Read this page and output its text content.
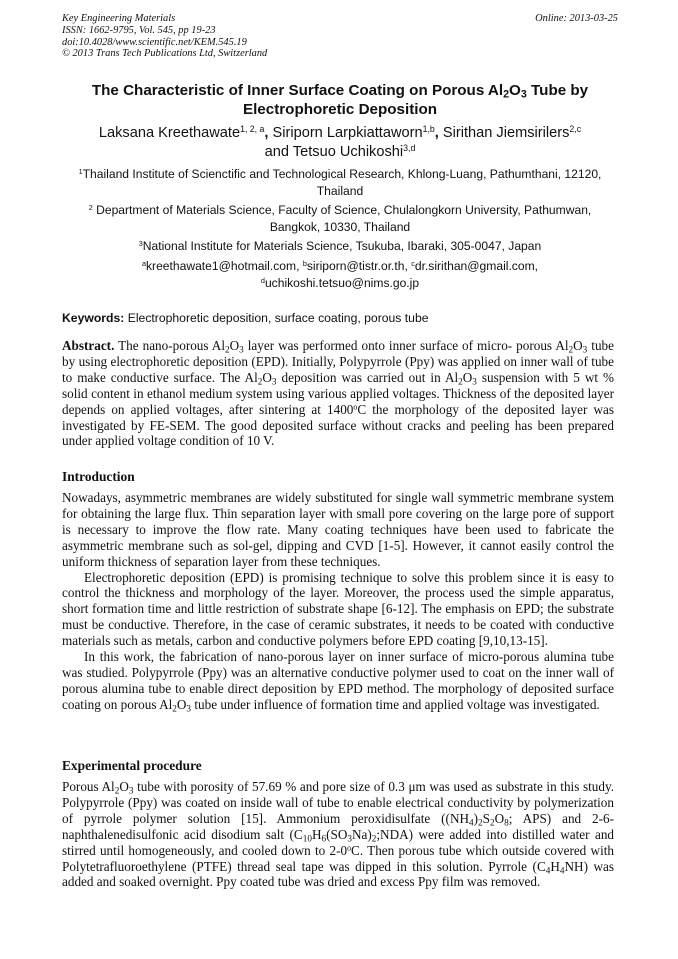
Key Engineering Materials
ISSN: 1662-9795, Vol. 545, pp 19-23
doi:10.4028/www.scientific.net/KEM.545.19
© 2013 Trans Tech Publications Ltd, Switzerland
Online: 2013-03-25
The Characteristic of Inner Surface Coating on Porous $Al_2O_3$ Tube by
Electrophoretic Deposition
Laksana Kreethawate$^{1, 2, a}$, Siriporn Larpkiattaworn$^{1,b}$, Sirithan Jiemsirilers$^{2,c}$
and Tetsuo Uchikoshi$^{3,d}$
$^1$Thailand Institute of Scienctific and Technological Research, Khlong-Luang, Pathumthani, 12120, Thailand
$^2$ Department of Materials Science, Faculty of Science, Chulalongkorn University, Pathumwan, Bangkok, 10330, Thailand
$^3$National Institute for Materials Science, Tsukuba, Ibaraki, 305-0047, Japan
$^a$kreethawate1@hotmail.com, $^b$siriporn@tistr.or.th, $^c$dr.sirithan@gmail.com,
$^d$uchikoshi.tetsuo@nims.go.jp
Keywords: Electrophoretic deposition, surface coating, porous tube
Abstract. The nano-porous $Al_2O_3$ layer was performed onto inner surface of micro- porous $Al_2O_3$ tube by using electrophoretic deposition (EPD). Initially, Polypyrrole (Ppy) was applied on inner wall of tube to make conductive surface. The $Al_2O_3$ deposition was carried out in $Al_2O_3$ suspension with 5 wt % solid content in ethanol medium system using various applied voltages. Thickness of the deposited layer depends on applied voltages, after sintering at 1400$^o$C the morphology of the deposited layer was investigated by FE-SEM. The good deposited surface without cracks and peeling has been prepared under applied voltage condition of 10 V.
Introduction
Nowadays, asymmetric membranes are widely substituted for single wall symmetric membrane system for obtaining the large flux. Thin separation layer with small pore covering on the large pore of support is necessary to improve the flow rate. Many coating techniques have been used to fabricate the asymmetric membrane such as sol-gel, dipping and CVD [1-5]. However, it cannot easily control the uniform thickness of separation layer from these techniques.
Electrophoretic deposition (EPD) is promising technique to solve this problem since it is easy to control the thickness and morphology of the layer. Moreover, the process used the simple apparatus, short formation time and little restriction of substrate shape [6-12]. The emphasis on EPD; the substrate must be conductive. Therefore, in the case of ceramic substrates, it needs to be coated with conductive materials such as metals, carbon and conductive polymers before EPD coating [9,10,13-15].
In this work, the fabrication of nano-porous layer on inner surface of micro-porous alumina tube was studied. Polypyrrole (Ppy) was an alternative conductive polymer used to coat on the inner wall of porous alumina tube to enable direct deposition by EPD method. The morphology of deposited surface coating on porous $Al_2O_3$ tube under influence of formation time and applied voltage was investigated.
Experimental procedure
Porous $Al_2O_3$ tube with porosity of 57.69 % and pore size of 0.3 μm was used as substrate in this study. Polypyrrole (Ppy) was coated on inside wall of tube to enable electrical conductivity by polymerization of pyrrole polymer solution [15]. Ammonium peroxidisulfate ($(NH_4)_2S_2O_8$; APS) and 2-6-naphthalenedisulfonic acid disodium salt $(C_{10}H_6(SO_3Na)_2;NDA)$ were added into distilled water and stirred until homogeneously, and cooled down to 2-0$^o$C. Then porous tube which outside covered with Polytetrafluoroethylene (PTFE) thread seal tape was dipped in this solution. Pyrrole $(C_4H_4NH)$ was added and soaked overnight. Ppy coated tube was dried and excess Ppy film was removed.
